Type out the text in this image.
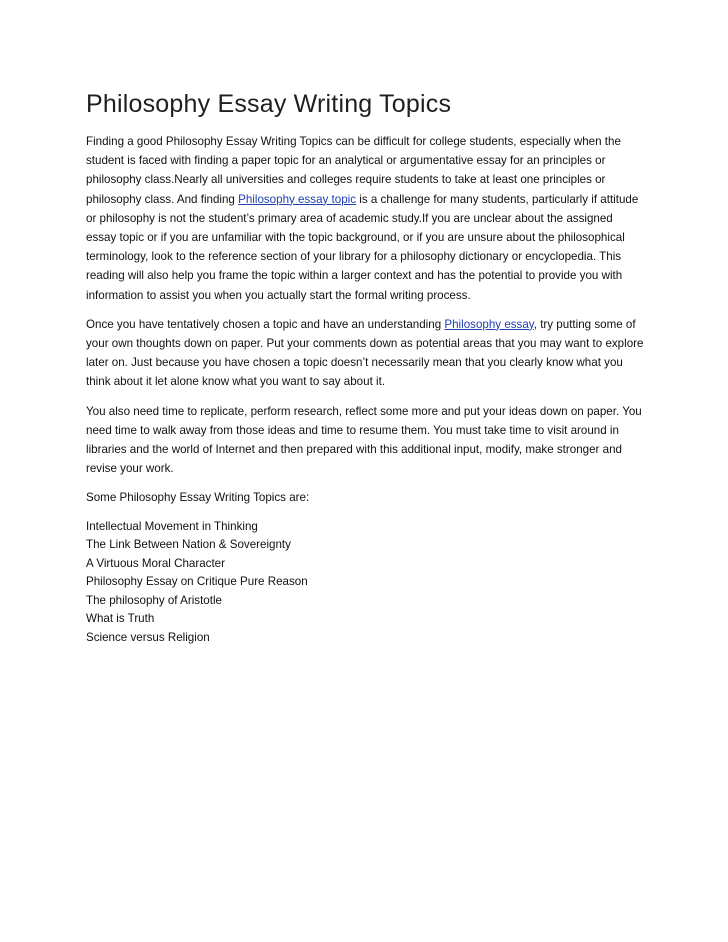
Philosophy Essay Writing Topics

Finding a good Philosophy Essay Writing Topics can be difficult for college students, especially when the student is faced with finding a paper topic for an analytical or argumentative essay for an principles or philosophy class.Nearly all universities and colleges require students to take at least one principles or philosophy class. And finding Philosophy essay topic is a challenge for many students, particularly if attitude or philosophy is not the student’s primary area of academic study.If you are unclear about the assigned essay topic or if you are unfamiliar with the topic background, or if you are unsure about the philosophical terminology, look to the reference section of your library for a philosophy dictionary or encyclopedia. This reading will also help you frame the topic within a larger context and has the potential to provide you with information to assist you when you actually start the formal writing process.

Once you have tentatively chosen a topic and have an understanding Philosophy essay, try putting some of your own thoughts down on paper. Put your comments down as potential areas that you may want to explore later on. Just because you have chosen a topic doesn’t necessarily mean that you clearly know what you think about it let alone know what you want to say about it.

You also need time to replicate, perform research, reflect some more and put your ideas down on paper. You need time to walk away from those ideas and time to resume them. You must take time to visit around in libraries and the world of Internet and then prepared with this additional input, modify, make stronger and revise your work.

Some Philosophy Essay Writing Topics are:

Intellectual Movement in Thinking
The Link Between Nation & Sovereignty
A Virtuous Moral Character
Philosophy Essay on Critique Pure Reason
The philosophy of Aristotle
What is Truth
Science versus Religion
